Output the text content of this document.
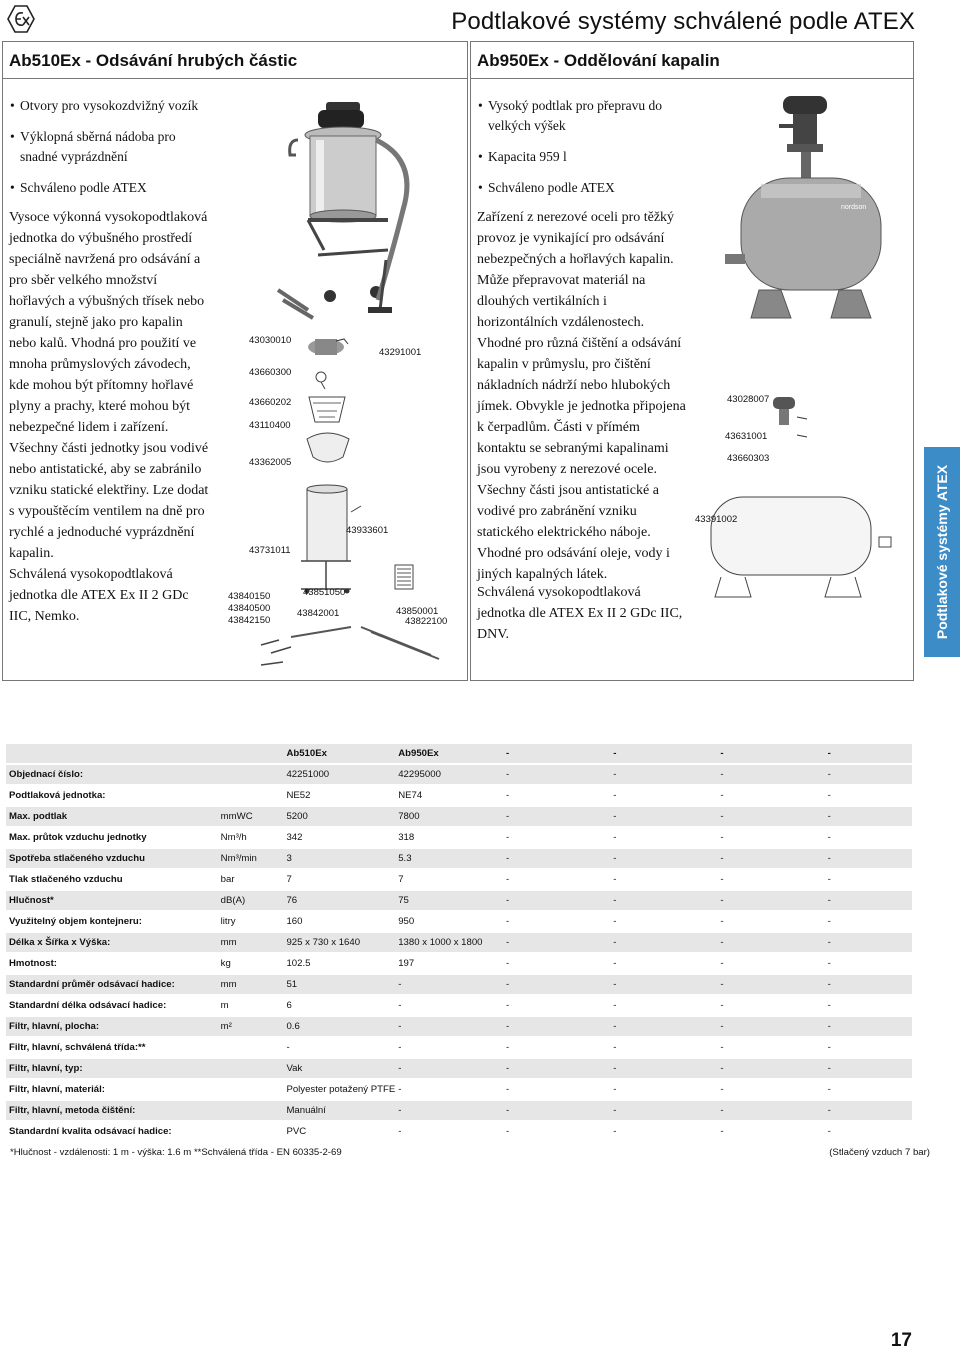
Podtlakové systémy schválené podle ATEX
Ab510Ex - Odsávání hrubých částic
• Otvory pro vysokozdvižný vozík
• Výklopná sběrná nádoba pro snadné vyprázdnění
• Schváleno podle ATEX

Vysoce výkonná vysokopodtlaková jednotka do výbušného prostředí speciálně navržená pro odsávání a pro sběr velkého množství hořlavých a výbušných třísek nebo granulí, stejně jako pro kapalin nebo kalů. Vhodná pro použití ve mnoha průmyslových závodech, kde mohou být přítomny hořlavé plyny a prachy, které mohou být nebezpečné lidem i zařízení. Všechny části jednotky jsou vodivé nebo antistatické, aby se zabránilo vzniku statické elektřiny. Lze dodat s vypouštěcím ventilem na dně pro rychlé a jednoduché vyprázdnění kapalin.

Schválená vysokopodtlaková jednotka dle ATEX Ex II 2 GDc IIC, Nemko.

43030010
43660300
43660202
43110400
43362005
43731011
43840150
43840500
43842150
43291001
43933601
43851050
43842001	43850001
43822100
Ab950Ex - Oddělování kapalin
• Vysoký podtlak pro přepravu do velkých výšek
• Kapacita 959 l
• Schváleno podle ATEX

Zařízení z nerezové oceli pro těžký provoz je vynikající pro odsávání nebezpečných a hořlavých kapalin. Může přepravovat materiál na dlouhých vertikálních i horizontálních vzdálenostech. Vhodné pro různá čištění a odsávání kapalin v průmyslu, pro čištění nákladních nádrží nebo hlubokých jímek. Obvykle je jednotka připojena k čerpadlům. Části v přímém kontaktu se sebranými kapalinami jsou vyrobeny z nerezové ocele. Všechny části jsou antistatické a vodivé pro zabránění vzniku statického elektrického náboje. Vhodné pro odsávání oleje, vody i jiných kapalných látek.

Schválená vysokopodtlaková jednotka dle ATEX Ex II 2 GDc IIC, DNV.

nordson
43028007
43631001
43660303
43391002	Podtlakové systémy ATEX
		Ab510Ex	Ab950Ex	-	-	-	-
Objednací číslo:		42251000	42295000	-	-	-	-
Podtlaková jednotka:		NE52	NE74	-	-	-	-
Max. podtlak	mmWC	5200	7800	-	-	-	-
Max. průtok vzduchu jednotky	Nm³/h	342	318	-	-	-	-
Spotřeba stlačeného vzduchu	Nm³/min	3	5.3	-	-	-	-
Tlak stlačeného vzduchu	bar	7	7	-	-	-	-
Hlučnost*	dB(A)	76	75	-	-	-	-
Využitelný objem kontejneru:	litry	160	950	-	-	-	-
Délka x Šířka x Výška:	mm	925 x 730 x 1640	1380 x 1000 x 1800	-	-	-	-
Hmotnost:	kg	102.5	197	-	-	-	-
Standardní průměr odsávací hadice:	mm	51	-	-	-	-	-
Standardní délka odsávací hadice:	m	6	-	-	-	-	-
Filtr, hlavní, plocha:	m²	0.6	-	-	-	-	-
Filtr, hlavní, schválená třída:**		-	-	-	-	-	-
Filtr, hlavní, typ:		Vak	-	-	-	-	-
Filtr, hlavní, materiál:		Polyester potažený PTFE	-	-	-	-	-
Filtr, hlavní, metoda čištění:		Manuální	-	-	-	-	-
Standardní kvalita odsávací hadice:		PVC	-	-	-	-	-
*Hlučnost - vzdálenosti: 1 m - výška: 1.6 m **Schválená třída - EN 60335-2-69	(Stlačený vzduch 7 bar)
17
